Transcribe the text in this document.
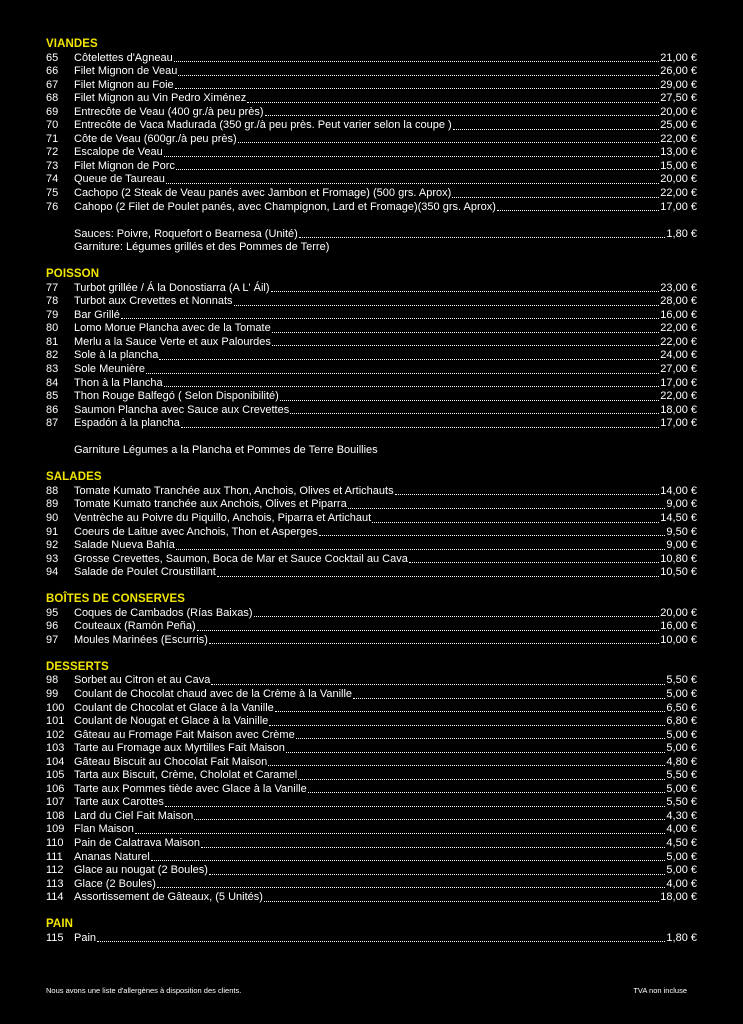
VIANDES
65	Côtelettes d'Agneau	21,00 €
66	Filet Mignon de Veau	26,00 €
67	Filet Mignon au Foie	29,00 €
68	Filet Mignon au Vin Pedro Ximénez	27,50 €
69	Entrecôte de Veau (400 gr./à peu près)	20,00 €
70	Entrecôte de Vaca Madurada (350 gr./à peu près. Peut varier selon la coupe )	25,00 €
71	Côte de Veau (600gr./à peu près)	22,00 €
72	Escalope de Veau	13,00 €
73	Filet Mignon de Porc	15,00 €
74	Queue de Taureau	20,00 €
75	Cachopo (2 Steak de Veau panés avec Jambon et Fromage) (500 grs. Aprox)	22,00 €
76	Cahopo (2 Filet de Poulet panés, avec Champignon, Lard et Fromage)(350 grs. Aprox)	17,00 €
Sauces: Poivre, Roquefort o Bearnesa (Unité)	1,80 €
Garniture: Légumes grillés et des Pommes de Terre)
POISSON
77	Turbot grillée / Á la Donostiarra (A L' Áil)	23,00 €
78	Turbot aux Crevettes et Nonnats	28,00 €
79	Bar Grillé	16,00 €
80	Lomo Morue Plancha avec de la Tomate	22,00 €
81	Merlu a la Sauce Verte et aux Palourdes	22,00 €
82	Sole à la plancha	24,00 €
83	Sole Meunière	27,00 €
84	Thon à la Plancha	17,00 €
85	Thon Rouge Balfegó ( Selon Disponibilité)	22,00 €
86	Saumon Plancha avec Sauce aux Crevettes	18,00 €
87	Espadón à la plancha	17,00 €
Garniture Légumes a la Plancha et Pommes de Terre Bouillies
SALADES
88	Tomate Kumato Tranchée aux Thon, Anchois, Olives et Artichauts	14,00 €
89	Tomate Kumato tranchée aux Anchois, Olives et Piparra	9,00 €
90	Ventrèche au Poivre du Piquillo, Anchois, Piparra et Artichaut	14,50 €
91	Coeurs de Laitue avec Anchois, Thon et Asperges	9,50 €
92	Salade Nueva Bahía	9,00 €
93	Grosse Crevettes, Saumon, Boca de Mar et Sauce Cocktail au Cava	10,80 €
94	Salade de Poulet Croustillant	10,50 €
BOÎTES DE CONSERVES
95	Coques de Cambados (Rías Baixas)	20,00 €
96	Couteaux (Ramón Peña)	16,00 €
97	Moules Marinées (Escurris)	10,00 €
DESSERTS
98	Sorbet au Citron et au Cava	5,50 €
99	Coulant de Chocolat chaud avec de la Crème à la Vanille	5,00 €
100 Coulant de Chocolat et Glace à la Vanille	6,50 €
101 Coulant de Nougat et Glace à la Vainille	6,80 €
102 Gâteau au Fromage Fait Maison avec Crème	5,00 €
103 Tarte au Fromage aux Myrtilles Fait Maison	5,00 €
104 Gâteau Biscuit au Chocolat Fait Maison	4,80 €
105 Tarta aux Biscuit, Crème, Chololat et Caramel	5,50 €
106 Tarte aux Pommes tiède avec Glace à la Vanille	5,00 €
107 Tarte aux Carottes	5,50 €
108 Lard du Ciel Fait Maison	4,30 €
109 Flan Maison	4,00 €
110 Pain de Calatrava Maison	4,50 €
111	Ananas Naturel	5,00 €
112 Glace au nougat (2 Boules)	5,00 €
113 Glace (2 Boules)	4,00 €
114 Assortissement de Gâteaux, (5 Unités)	18,00 €
PAIN
115 Pain	1,80 €
Nous avons une liste d'allergènes à disposition des clients.	TVA non incluse
